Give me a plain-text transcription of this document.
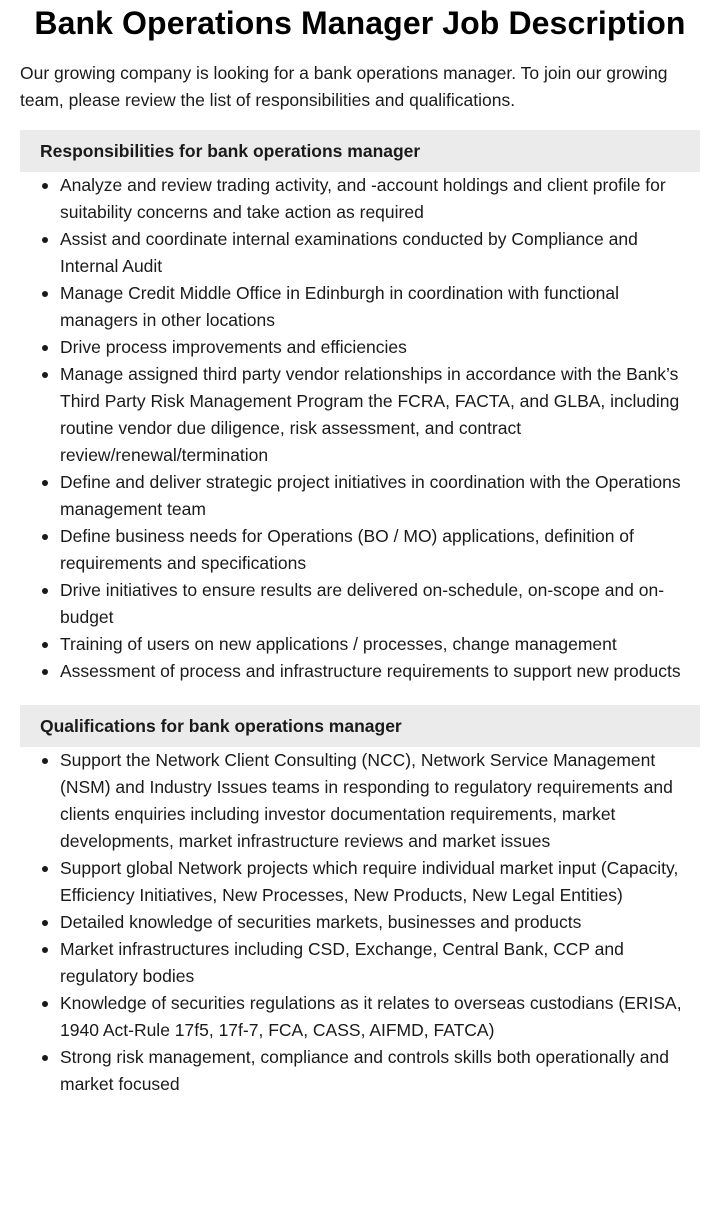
Bank Operations Manager Job Description

Our growing company is looking for a bank operations manager. To join our growing team, please review the list of responsibilities and qualifications.

Responsibilities for bank operations manager
Analyze and review trading activity, and -account holdings and client profile for suitability concerns and take action as required
Assist and coordinate internal examinations conducted by Compliance and Internal Audit
Manage Credit Middle Office in Edinburgh in coordination with functional managers in other locations
Drive process improvements and efficiencies
Manage assigned third party vendor relationships in accordance with the Bank’s Third Party Risk Management Program the FCRA, FACTA, and GLBA, including routine vendor due diligence, risk assessment, and contract review/renewal/termination
Define and deliver strategic project initiatives in coordination with the Operations management team
Define business needs for Operations (BO / MO) applications, definition of requirements and specifications
Drive initiatives to ensure results are delivered on-schedule, on-scope and on-budget
Training of users on new applications / processes, change management
Assessment of process and infrastructure requirements to support new products
Qualifications for bank operations manager
Support the Network Client Consulting (NCC), Network Service Management (NSM) and Industry Issues teams in responding to regulatory requirements and clients enquiries including investor documentation requirements, market developments, market infrastructure reviews and market issues
Support global Network projects which require individual market input (Capacity, Efficiency Initiatives, New Processes, New Products, New Legal Entities)
Detailed knowledge of securities markets, businesses and products
Market infrastructures including CSD, Exchange, Central Bank, CCP and regulatory bodies
Knowledge of securities regulations as it relates to overseas custodians (ERISA, 1940 Act-Rule 17f5, 17f-7, FCA, CASS, AIFMD, FATCA)
Strong risk management, compliance and controls skills both operationally and market focused
